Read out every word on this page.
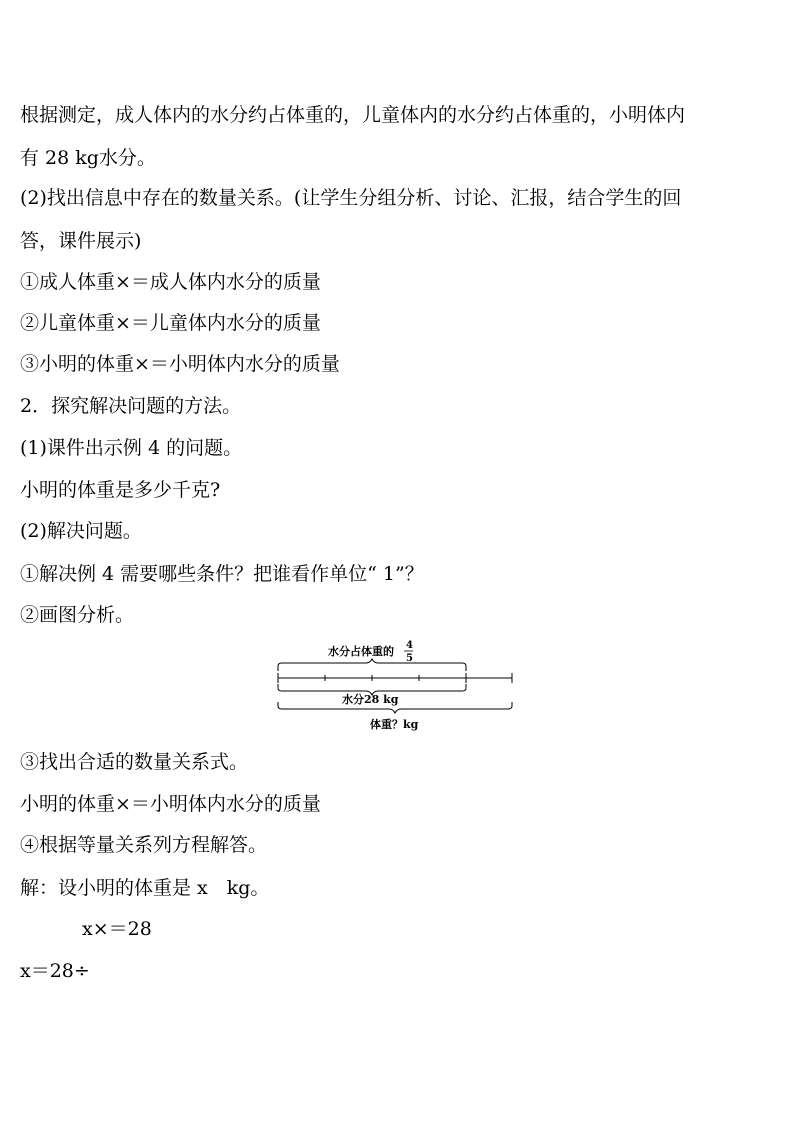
根据测定，成人体内的水分约占体重的，儿童体内的水分约占体重的，小明体内
有 28 kg水分。
(2)找出信息中存在的数量关系。(让学生分组分析、讨论、汇报，结合学生的回
答，课件展示)
①成人体重×＝成人体内水分的质量
②儿童体重×＝儿童体内水分的质量
③小明的体重×＝小明体内水分的质量
2．探究解决问题的方法。
(1)课件出示例 4 的问题。
小明的体重是多少千克?
(2)解决问题。
①解决例 4 需要哪些条件？把谁看作单位“ 1”？
②画图分析。
水分占体重的 4
5
水分28 kg
体重？kg
③找出合适的数量关系式。
小明的体重×＝小明体内水分的质量
④根据等量关系列方程解答。
解：设小明的体重是 x　kg。
x×＝28
x＝28÷
